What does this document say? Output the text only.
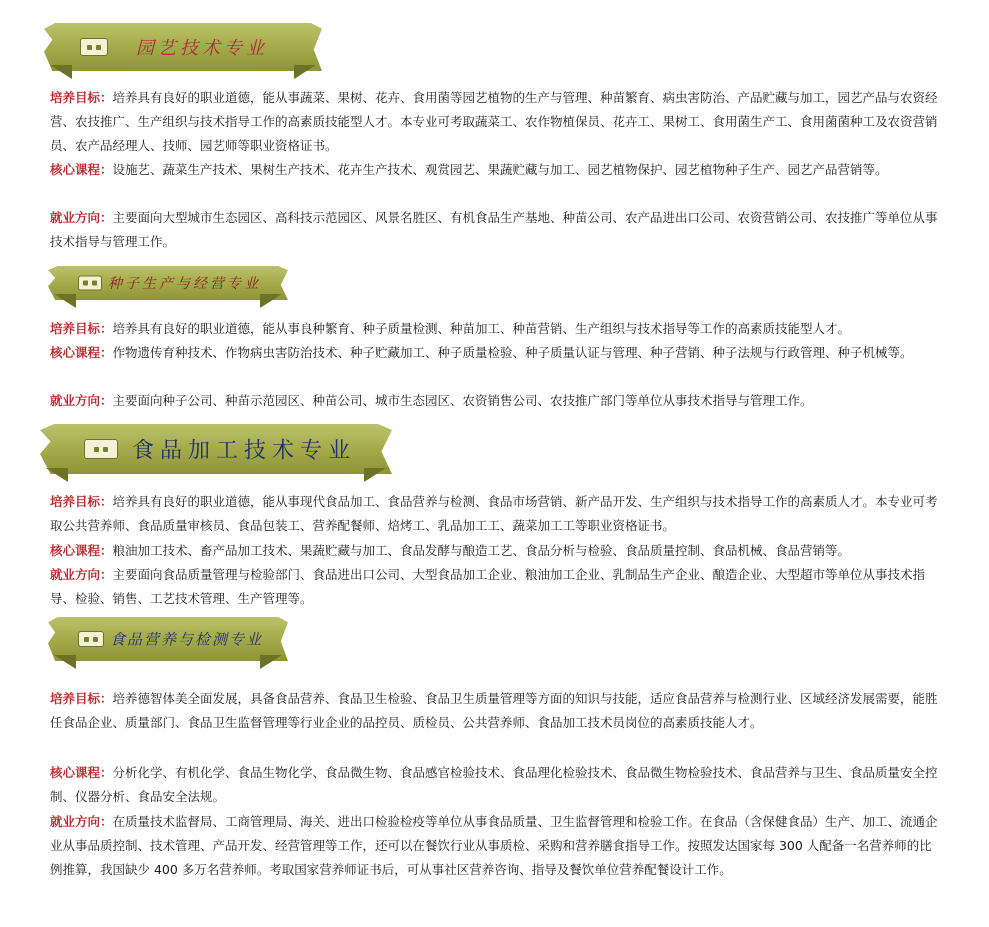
园艺技术专业
培养目标：培养具有良好的职业道德，能从事蔬菜、果树、花卉、食用菌等园艺植物的生产与管理、种苗繁育、病虫害防治、产品贮藏与加工，园艺产品与农资经营、农技推广、生产组织与技术指导工作的高素质技能型人才。本专业可考取蔬菜工、农作物植保员、花卉工、果树工、食用菌生产工、食用菌菌种工及农资营销员、农产品经理人、技师、园艺师等职业资格证书。
核心课程：设施艺、蔬菜生产技术、果树生产技术、花卉生产技术、观赏园艺、果蔬贮藏与加工、园艺植物保护、园艺植物种子生产、园艺产品营销等。
就业方向：主要面向大型城市生态园区、高科技示范园区、风景名胜区、有机食品生产基地、种苗公司、农产品进出口公司、农资营销公司、农技推广等单位从事技术指导与管理工作。
种子生产与经营专业
培养目标：培养具有良好的职业道德，能从事良种繁育、种子质量检测、种苗加工、种苗营销、生产组织与技术指导等工作的高素质技能型人才。
核心课程：作物遗传育种技术、作物病虫害防治技术、种子贮藏加工、种子质量检验、种子质量认证与管理、种子营销、种子法规与行政管理、种子机械等。
就业方向：主要面向种子公司、种苗示范园区、种苗公司、城市生态园区、农资销售公司、农技推广部门等单位从事技术指导与管理工作。
食品加工技术专业
培养目标：培养具有良好的职业道德，能从事现代食品加工、食品营养与检测、食品市场营销、新产品开发、生产组织与技术指导工作的高素质人才。本专业可考取公共营养师、食品质量审核员、食品包装工、营养配餐师、焙烤工、乳品加工工、蔬菜加工工等职业资格证书。
核心课程：粮油加工技术、畜产品加工技术、果蔬贮藏与加工、食品发酵与酿造工艺、食品分析与检验、食品质量控制、食品机械、食品营销等。
就业方向：主要面向食品质量管理与检验部门、食品进出口公司、大型食品加工企业、粮油加工企业、乳制品生产企业、酿造企业、大型超市等单位从事技术指导、检验、销售、工艺技术管理、生产管理等。
食品营养与检测专业
培养目标：培养德智体美全面发展，具备食品营养、食品卫生检验、食品卫生质量管理等方面的知识与技能，适应食品营养与检测行业、区域经济发展需要，能胜任食品企业、质量部门、食品卫生监督管理等行业企业的品控员、质检员、公共营养师、食品加工技术员岗位的高素质技能人才。
核心课程：分析化学、有机化学、食品生物化学、食品微生物、食品感官检验技术、食品理化检验技术、食品微生物检验技术、食品营养与卫生、食品质量安全控制、仪器分析、食品安全法规。
就业方向：在质量技术监督局、工商管理局、海关、进出口检验检疫等单位从事食品质量、卫生监督管理和检验工作。在食品（含保健食品）生产、加工、流通企业从事品质控制、技术管理、产品开发、经营管理等工作，还可以在餐饮行业从事质检、采购和营养膳食指导工作。按照发达国家每 300 人配备一名营养师的比例推算，我国缺少 400 多万名营养师。考取国家营养师证书后，可从事社区营养咨询、指导及餐饮单位营养配餐设计工作。
